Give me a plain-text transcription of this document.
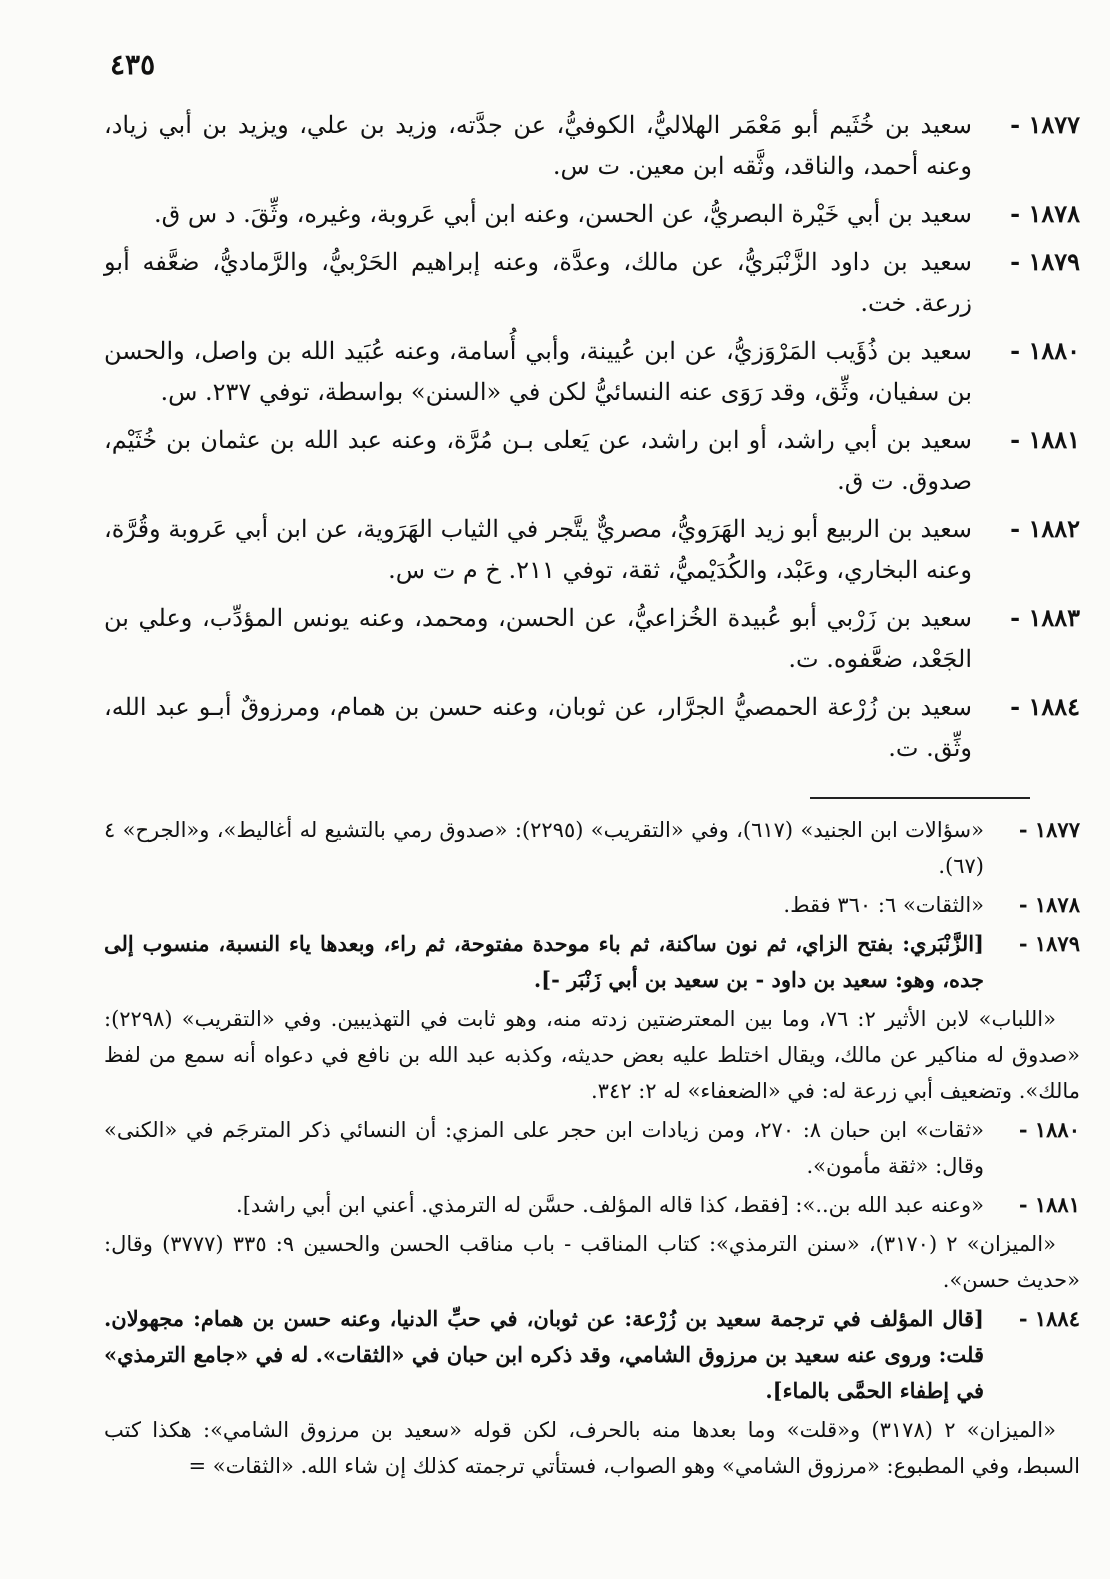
٤٣٥

١٨٧٧ -سعيد بن خُثَيم أبو مَعْمَر الهلاليُّ، الكوفيُّ، عن جدَّته، وزيد بن علي، ويزيد بن أبي زياد، وعنه أحمد، والناقد، وثَّقه ابن معين. ت س.

١٨٧٨ -سعيد بن أبي خَيْرة البصريُّ، عن الحسن، وعنه ابن أبي عَروبة، وغيره، وثِّقَ. د س ق.

١٨٧٩ -سعيد بن داود الزَّنْبَريُّ، عن مالك، وعدَّة، وعنه إبراهيم الحَرْبيُّ، والرَّماديُّ، ضعَّفه أبو زرعة. خت.

١٨٨٠ -سعيد بن ذُؤَيب المَرْوَزيُّ، عن ابن عُيينة، وأبي أُسامة، وعنه عُبَيد الله بن واصل، والحسن بن سفيان، وثِّق، وقد رَوَى عنه النسائيُّ لكن في «السنن» بواسطة، توفي ٢٣٧. س.

١٨٨١ -سعيد بن أبي راشد، أو ابن راشد، عن يَعلى بـن مُرَّة، وعنه عبد الله بن عثمان بن خُثَيْم، صدوق. ت ق.

١٨٨٢ -سعيد بن الربيع أبو زيد الهَرَويُّ، مصريٌّ يتَّجر في الثياب الهَرَوية، عن ابن أبي عَروبة وقُرَّة، وعنه البخاري، وعَبْد، والكُدَيْميُّ، ثقة، توفي ٢١١. خ م ت س.

١٨٨٣ -سعيد بن زَرْبي أبو عُبيدة الخُزاعيُّ، عن الحسن، ومحمد، وعنه يونس المؤدِّب، وعلي بن الجَعْد، ضعَّفوه. ت.

١٨٨٤ -سعيد بن زُرْعة الحمصيُّ الجرَّار، عن ثوبان، وعنه حسن بن همام، ومرزوقٌ أبـو عبد الله، وثِّق. ت.

١٨٧٧ -«سؤالات ابن الجنيد» (٦١٧)، وفي «التقريب» (٢٢٩٥): «صدوق رمي بالتشيع له أغاليط»، و«الجرح» ٤ (٦٧).

١٨٧٨ -«الثقات» ٦: ٣٦٠ فقط.

١٨٧٩ -[الزَّنْبَري: بفتح الزاي، ثم نون ساكنة، ثم باء موحدة مفتوحة، ثم راء، وبعدها ياء النسبة، منسوب إلى جده، وهو: سعيد بن داود - بن سعيد بن أبي زَنْبَر -].

«اللباب» لابن الأثير ٢: ٧٦، وما بين المعترضتين زدته منه، وهو ثابت في التهذيبين. وفي «التقريب» (٢٢٩٨): «صدوق له مناكير عن مالك، ويقال اختلط عليه بعض حديثه، وكذبه عبد الله بن نافع في دعواه أنه سمع من لفظ مالك». وتضعيف أبي زرعة له: في «الضعفاء» له ٢: ٣٤٢.

١٨٨٠ -«ثقات» ابن حبان ٨: ٢٧٠، ومن زيادات ابن حجر على المزي: أن النسائي ذكر المترجَم في «الكنى» وقال: «ثقة مأمون».

١٨٨١ -«وعنه عبد الله بن..»: [فقط، كذا قاله المؤلف. حسَّن له الترمذي. أعني ابن أبي راشد].

«الميزان» ٢ (٣١٧٠)، «سنن الترمذي»: كتاب المناقب - باب مناقب الحسن والحسين ٩: ٣٣٥ (٣٧٧٧) وقال: «حديث حسن».

١٨٨٤ -[قال المؤلف في ترجمة سعيد بن زُرْعة: عن ثوبان، في حبِّ الدنيا، وعنه حسن بن همام: مجهولان. قلت: وروى عنه سعيد بن مرزوق الشامي، وقد ذكره ابن حبان في «الثقات». له في «جامع الترمذي» في إطفاء الحمَّى بالماء].

«الميزان» ٢ (٣١٧٨) و«قلت» وما بعدها منه بالحرف، لكن قوله «سعيد بن مرزوق الشامي»: هكذا كتب السبط، وفي المطبوع: «مرزوق الشامي» وهو الصواب، فستأتي ترجمته كذلك إن شاء الله. «الثقات» =
